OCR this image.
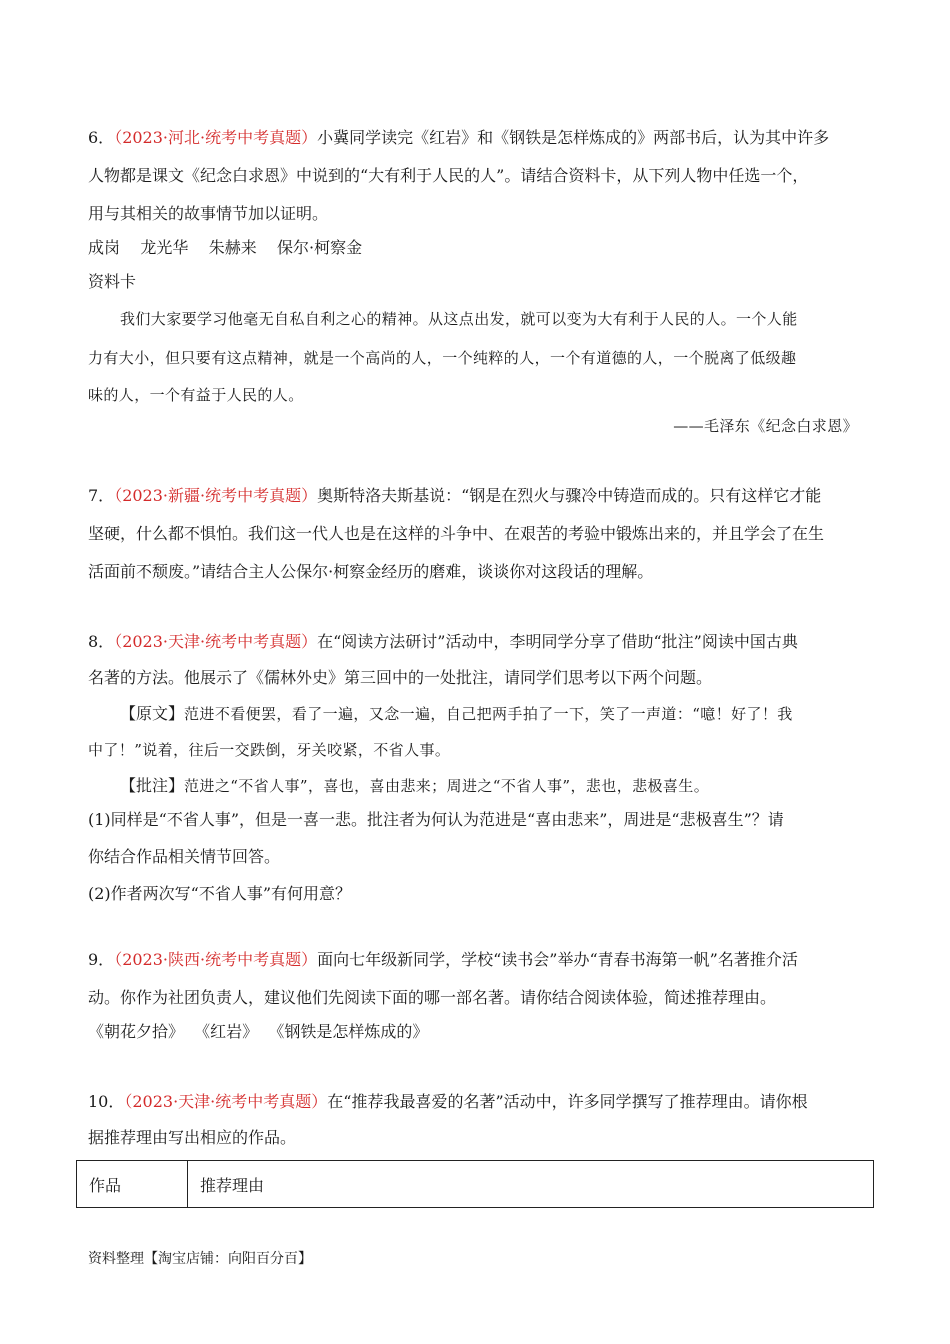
6．（2023·河北·统考中考真题）小冀同学读完《红岩》和《钢铁是怎样炼成的》两部书后，认为其中许多
人物都是课文《纪念白求恩》中说到的“大有利于人民的人”。请结合资料卡，从下列人物中任选一个，
用与其相关的故事情节加以证明。
成岗    龙光华    朱赫来    保尔·柯察金
资料卡
我们大家要学习他毫无自私自利之心的精神。从这点出发，就可以变为大有利于人民的人。一个人能
力有大小，但只要有这点精神，就是一个高尚的人，一个纯粹的人，一个有道德的人，一个脱离了低级趣
味的人，一个有益于人民的人。
——毛泽东《纪念白求恩》
7．（2023·新疆·统考中考真题）奥斯特洛夫斯基说：“钢是在烈火与骤冷中铸造而成的。只有这样它才能
坚硬，什么都不惧怕。我们这一代人也是在这样的斗争中、在艰苦的考验中锻炼出来的，并且学会了在生
活面前不颓废。”请结合主人公保尔·柯察金经历的磨难，谈谈你对这段话的理解。
8．（2023·天津·统考中考真题）在“阅读方法研讨”活动中，李明同学分享了借助“批注”阅读中国古典
名著的方法。他展示了《儒林外史》第三回中的一处批注，请同学们思考以下两个问题。
【原文】范进不看便罢，看了一遍，又念一遍，自己把两手拍了一下，笑了一声道：“噫！好了！我
中了！”说着，往后一交跌倒，牙关咬紧，不省人事。
【批注】范进之“不省人事”，喜也，喜由悲来；周进之“不省人事”，悲也，悲极喜生。
(1)同样是“不省人事”，但是一喜一悲。批注者为何认为范进是“喜由悲来”，周进是“悲极喜生”？请
你结合作品相关情节回答。
(2)作者两次写“不省人事”有何用意？
9．（2023·陕西·统考中考真题）面向七年级新同学，学校“读书会”举办“青春书海第一帆”名著推介活
动。你作为社团负责人，建议他们先阅读下面的哪一部名著。请你结合阅读体验，简述推荐理由。
《朝花夕拾》  《红岩》  《钢铁是怎样炼成的》
10．（2023·天津·统考中考真题）在“推荐我最喜爱的名著”活动中，许多同学撰写了推荐理由。请你根
据推荐理由写出相应的作品。
作品	推荐理由
资料整理【淘宝店铺：向阳百分百】
